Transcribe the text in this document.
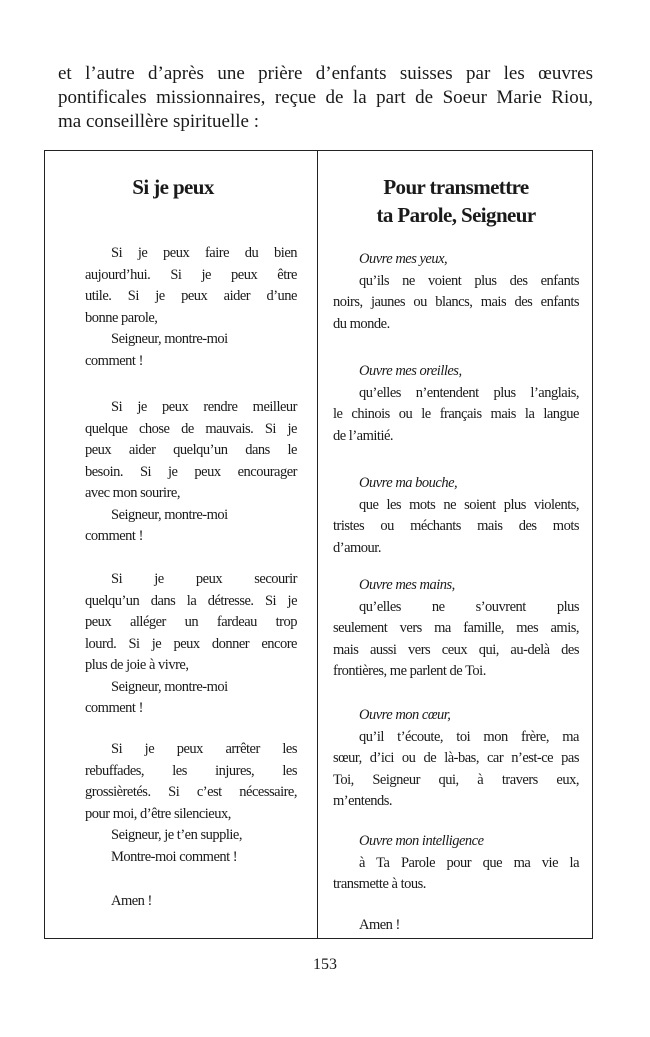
et l’autre d’après une prière d’enfants suisses par les œuvres
pontificales missionnaires, reçue de la part de Soeur Marie Riou,
ma conseillère spirituelle :
Si je peux
Si je peux faire du bien
aujourd’hui. Si je peux être
utile. Si je peux aider d’une
bonne parole,
Seigneur, montre-moi
comment !
Si je peux rendre meilleur
quelque chose de mauvais. Si je
peux aider quelqu’un dans le
besoin. Si je peux encourager
avec mon sourire,
Seigneur, montre-moi
comment !
Si je peux secourir
quelqu’un dans la détresse. Si je
peux alléger un fardeau trop
lourd. Si je peux donner encore
plus de joie à vivre,
Seigneur, montre-moi
comment !
Si je peux arrêter les
rebuffades, les injures, les
grossièretés. Si c’est nécessaire,
pour moi, d’être silencieux,
Seigneur, je t’en supplie,
Montre-moi comment !
Amen !
Pour transmettre
ta Parole, Seigneur
Ouvre mes yeux,
qu’ils ne voient plus des enfants
noirs, jaunes ou blancs, mais des enfants
du monde.
Ouvre mes oreilles,
qu’elles n’entendent plus l’anglais,
le chinois ou le français mais la langue
de l’amitié.
Ouvre ma bouche,
que les mots ne soient plus violents,
tristes ou méchants mais des mots
d’amour.
Ouvre mes mains,
qu’elles ne s’ouvrent plus
seulement vers ma famille, mes amis,
mais aussi vers ceux qui, au-delà des
frontières, me parlent de Toi.
Ouvre mon cœur,
qu’il t’écoute, toi mon frère, ma
sœur, d’ici ou de là-bas, car n’est-ce pas
Toi, Seigneur qui, à travers eux,
m’entends.
Ouvre mon intelligence
à Ta Parole pour que ma vie la
transmette à tous.
Amen !
153
